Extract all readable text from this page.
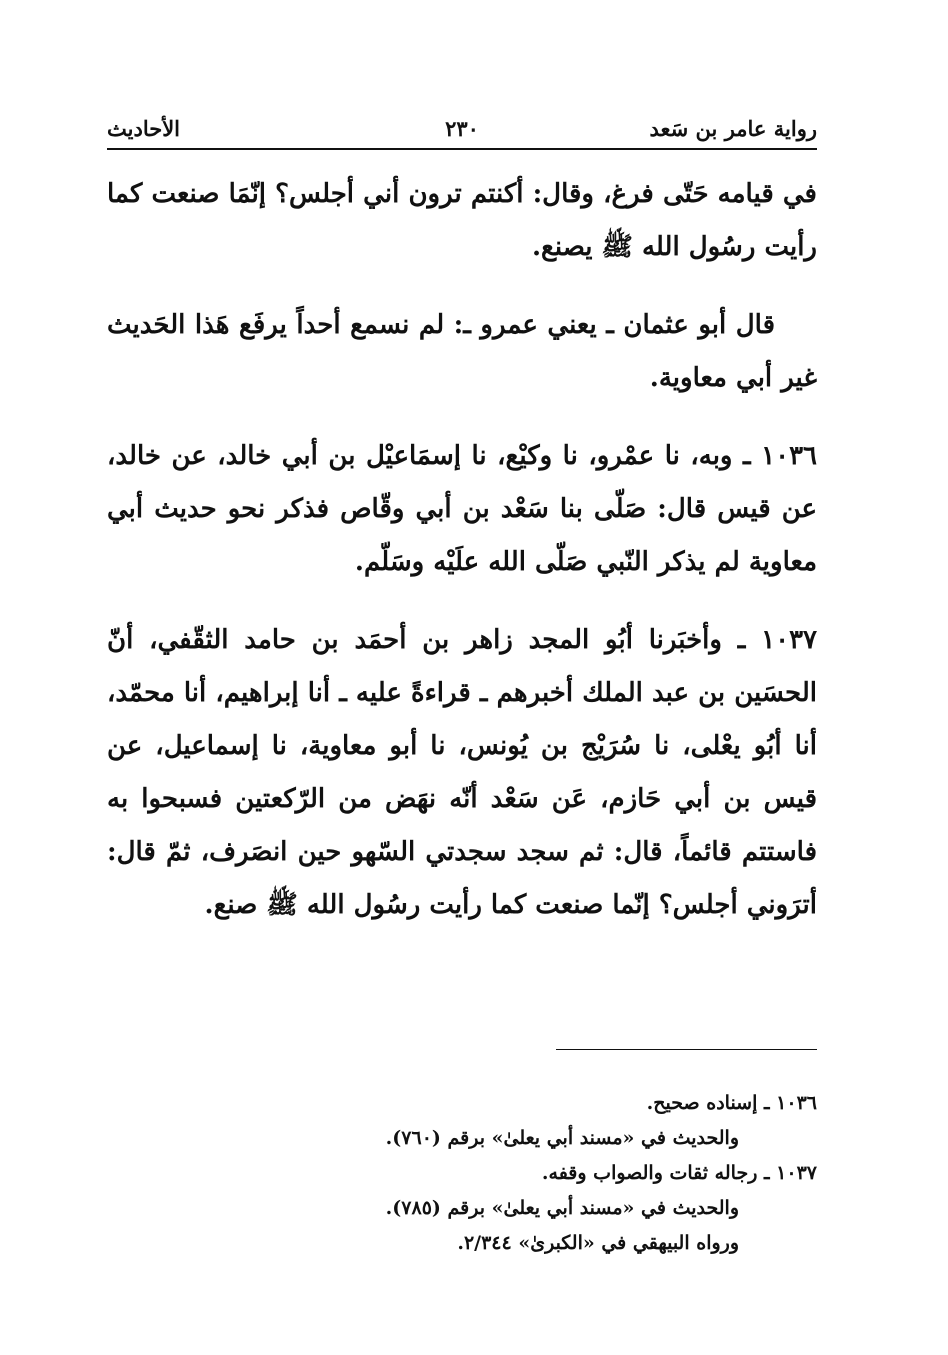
رواية عامر بن سَعد
٢٣٠
الأحاديث

في قيامه حَتّى فرغ، وقال: أكنتم ترون أني أجلس؟ إنّمَا صنعت كما رأيت رسُول الله ﷺ يصنع.

قال أبو عثمان ـ يعني عمرو ـ: لم نسمع أحداً يرفَع هَذا الحَديث غير أبي معاوية.

١٠٣٦ ـ وبه، نا عمْرو، نا وكيْع، نا إسمَاعيْل بن أبي خالد، عن خالد، عن قيس قال: صَلّى بنا سَعْد بن أبي وقّاص فذكر نحو حديث أبي معاوية لم يذكر النّبي صَلّى الله علَيْه وسَلّم.

١٠٣٧ ـ وأخبَرنا أبُو المجد زاهر بن أحمَد بن حامد الثقّفي، أنّ الحسَين بن عبد الملك أخبرهم ـ قراءةً عليه ـ أنا إبراهيم، أنا محمّد، أنا أبُو يعْلى، نا سُرَيْج بن يُونس، نا أبو معاوية، نا إسماعيل، عن قيس بن أبي حَازم، عَن سَعْد أنّه نهَض من الرّكعتين فسبحوا به فاستتم قائماً، قال: ثم سجد سجدتي السّهو حين انصَرف، ثمّ قال: أترَوني أجلس؟ إنّما صنعت كما رأيت رسُول الله ﷺ صنع.

١٠٣٦ ـ إسناده صحيح.

والحديث في «مسند أبي يعلىٰ» برقم (٧٦٠).

١٠٣٧ ـ رجاله ثقات والصواب وقفه.

والحديث في «مسند أبي يعلىٰ» برقم (٧٨٥).

ورواه البيهقي في «الكبرىٰ» ٢/٣٤٤.
